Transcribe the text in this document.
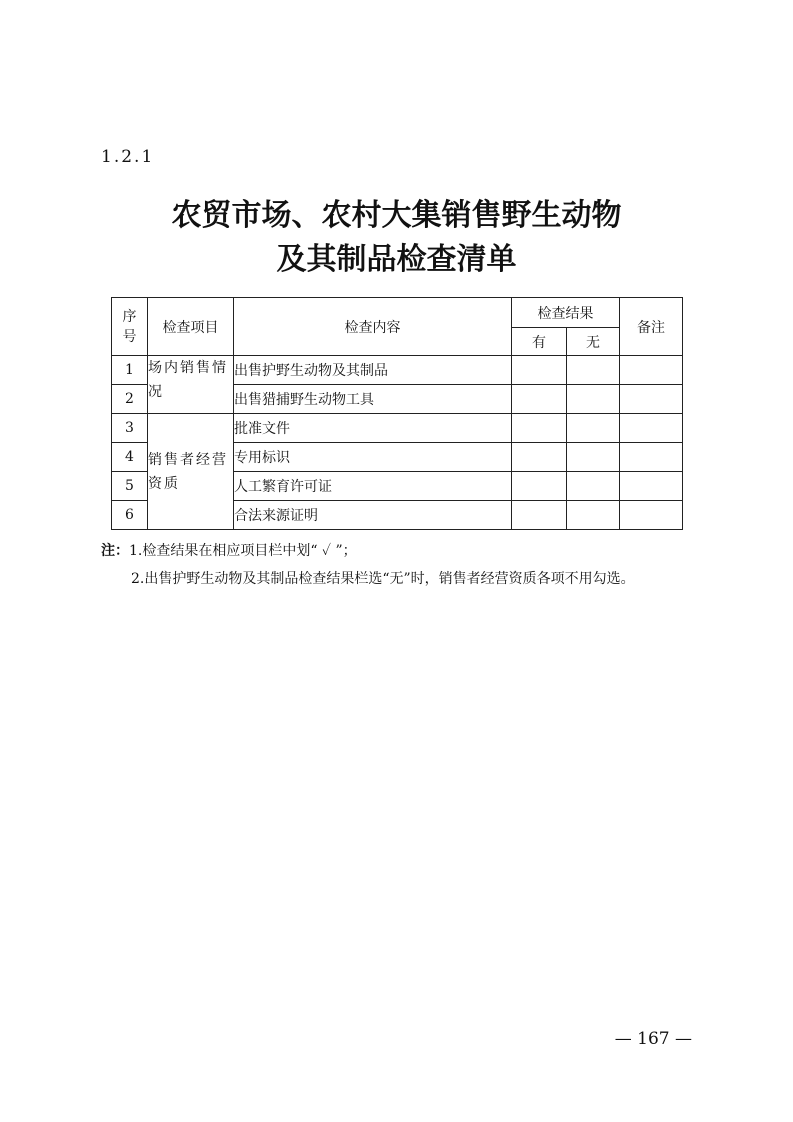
1.2.1
农贸市场、农村大集销售野生动物
及其制品检查清单
序号	检查项目	检查内容	检查结果		备注
			有	无	
1	场内销售情况	出售护野生动物及其制品			
2		出售猎捕野生动物工具			
3	销售者经营资质	批准文件			
4		专用标识			
5		人工繁育许可证			
6		合法来源证明			
注：1.检查结果在相应项目栏中划“ ✓ ”；
2.出售护野生动物及其制品检查结果栏选“无”时，销售者经营资质各项不用勾选。
— 167 —
